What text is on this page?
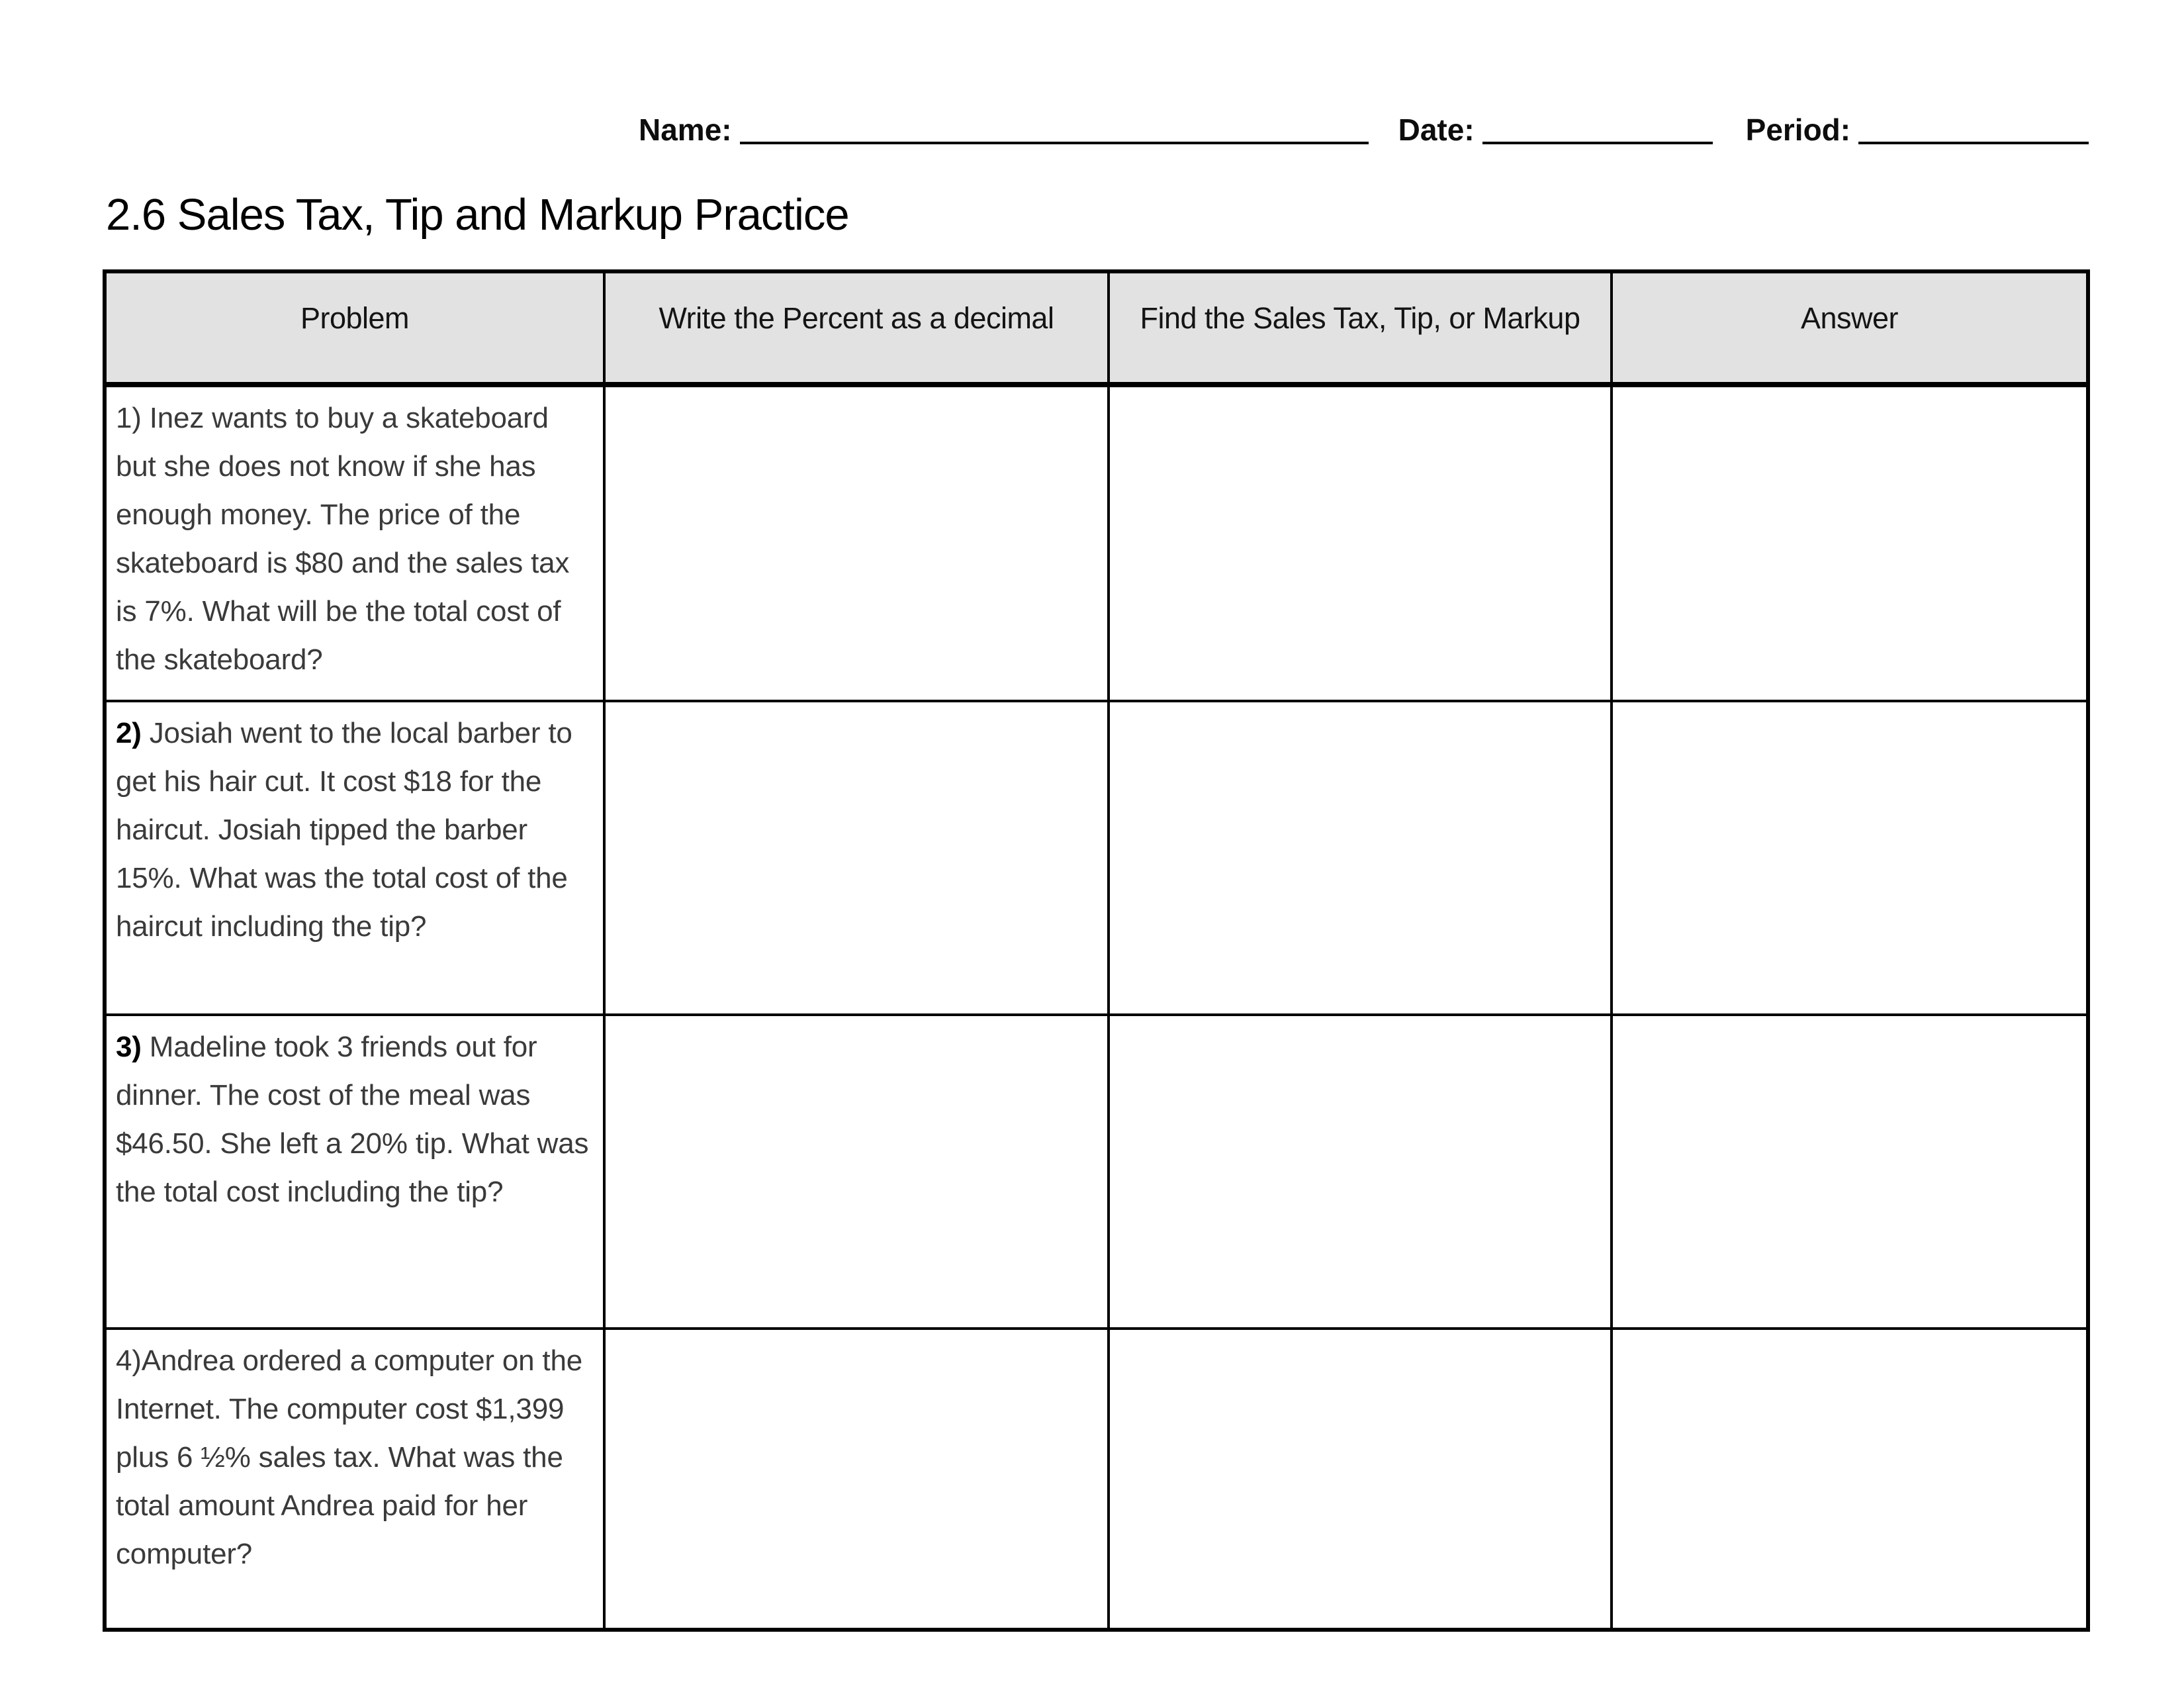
Name:	Date:	Period:
2.6 Sales Tax, Tip and Markup Practice
Problem	Write the Percent as a decimal	Find the Sales Tax, Tip, or Markup	Answer
1) Inez wants to buy a skateboard but she does not know if she has enough money. The price of the skateboard is $80 and the sales tax is 7%. What will be the total cost of the skateboard?			
2) Josiah went to the local barber to get his hair cut. It cost $18 for the haircut. Josiah tipped the barber 15%. What was the total cost of the haircut including the tip?			
3) Madeline took 3 friends out for dinner. The cost of the meal was $46.50. She left a 20% tip. What was the total cost including the tip?			
4)Andrea ordered a computer on the Internet. The computer cost $1,399 plus 6 ½% sales tax. What was the total amount Andrea paid for her computer?			
